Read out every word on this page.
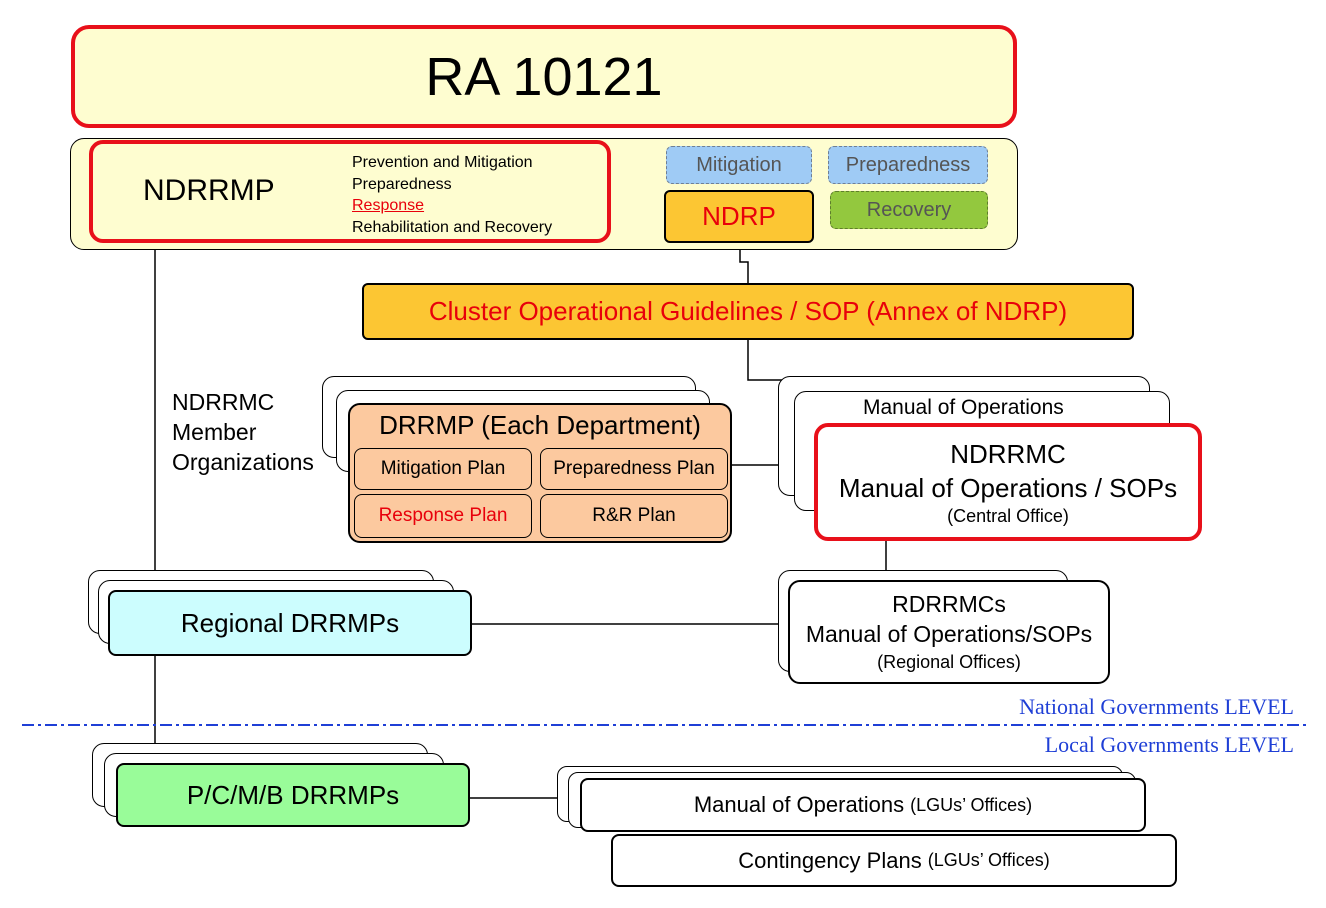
RA 10121
NDRRMP
Prevention and Mitigation
Preparedness
Response
Rehabilitation and Recovery
Mitigation	Preparedness
NDRP	Recovery
Cluster Operational Guidelines / SOP (Annex of NDRP)
NDRRMC
Member
Organizations
DRRMP (Each Department)
Mitigation Plan	Preparedness Plan
Response Plan	R&R Plan
Manual of Operations
NDRRMC
Manual of Operations / SOPs
(Central Office)
Regional DRRMPs
RDRRMCs
Manual of Operations/SOPs
(Regional Offices)
National Governments LEVEL
Local Governments LEVEL
P/C/M/B DRRMPs	Manual of Operations (LGUs’ Offices)
Contingency Plans (LGUs’ Offices)
